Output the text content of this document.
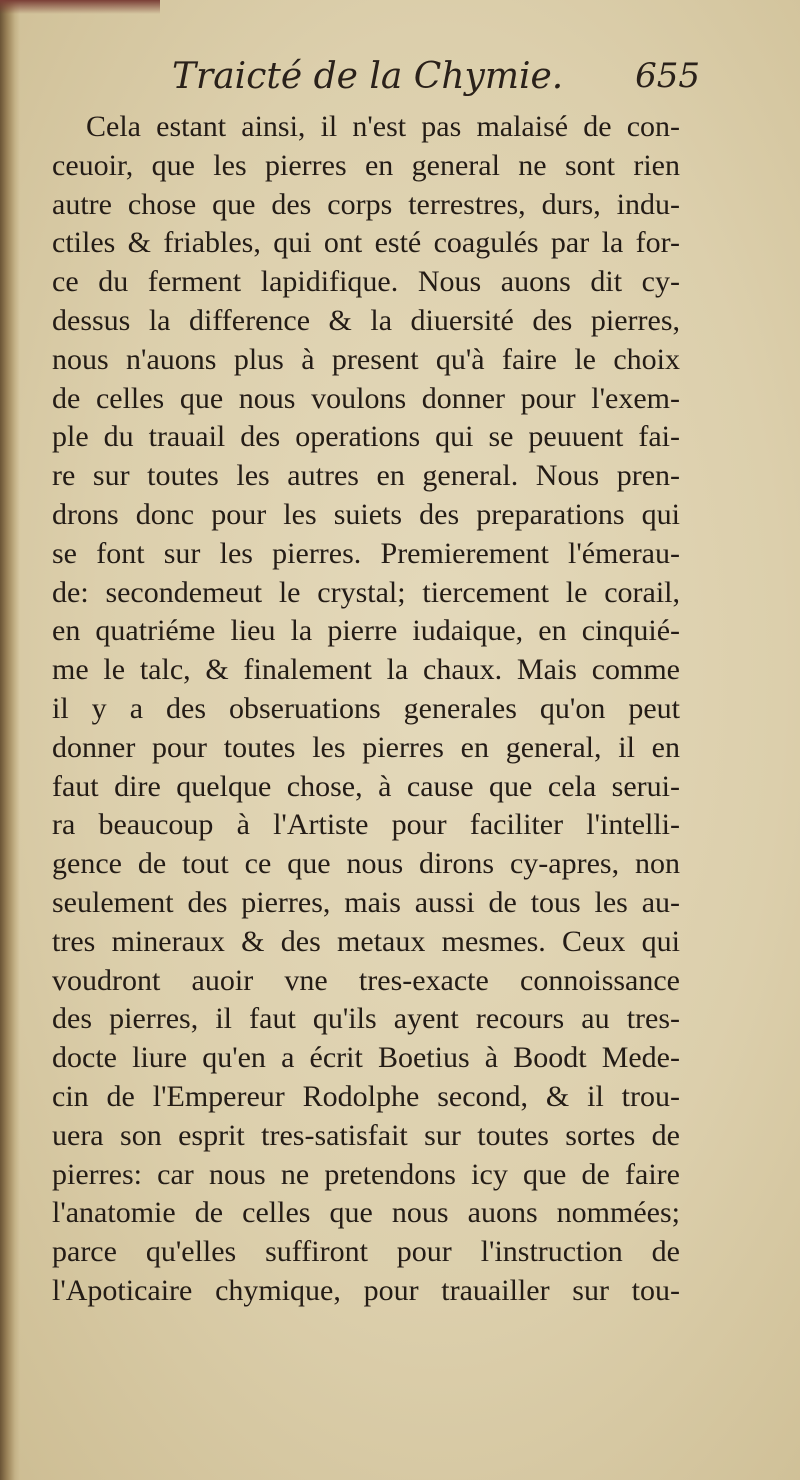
Traicté de la Chymie. 655
Cela estant ainsi, il n'est pas malaisé de con-
ceuoir, que les pierres en general ne sont rien
autre chose que des corps terrestres, durs, indu-
ctiles & friables, qui ont esté coagulés par la for-
ce du ferment lapidifique. Nous auons dit cy-
dessus la difference & la diuersité des pierres,
nous n'auons plus à present qu'à faire le choix
de celles que nous voulons donner pour l'exem-
ple du trauail des operations qui se peuuent fai-
re sur toutes les autres en general. Nous pren-
drons donc pour les suiets des preparations qui
se font sur les pierres. Premierement l'émerau-
de: secondemeut le crystal; tiercement le corail,
en quatriéme lieu la pierre iudaique, en cinquié-
me le talc, & finalement la chaux. Mais comme
il y a des obseruations generales qu'on peut
donner pour toutes les pierres en general, il en
faut dire quelque chose, à cause que cela serui-
ra beaucoup à l'Artiste pour faciliter l'intelli-
gence de tout ce que nous dirons cy-apres, non
seulement des pierres, mais aussi de tous les au-
tres mineraux & des metaux mesmes. Ceux qui
voudront auoir vne tres-exacte connoissance
des pierres, il faut qu'ils ayent recours au tres-
docte liure qu'en a écrit Boetius à Boodt Mede-
cin de l'Empereur Rodolphe second, & il trou-
uera son esprit tres-satisfait sur toutes sortes de
pierres: car nous ne pretendons icy que de faire
l'anatomie de celles que nous auons nommées;
parce qu'elles suffiront pour l'instruction de
l'Apoticaire chymique, pour trauailler sur tou-
